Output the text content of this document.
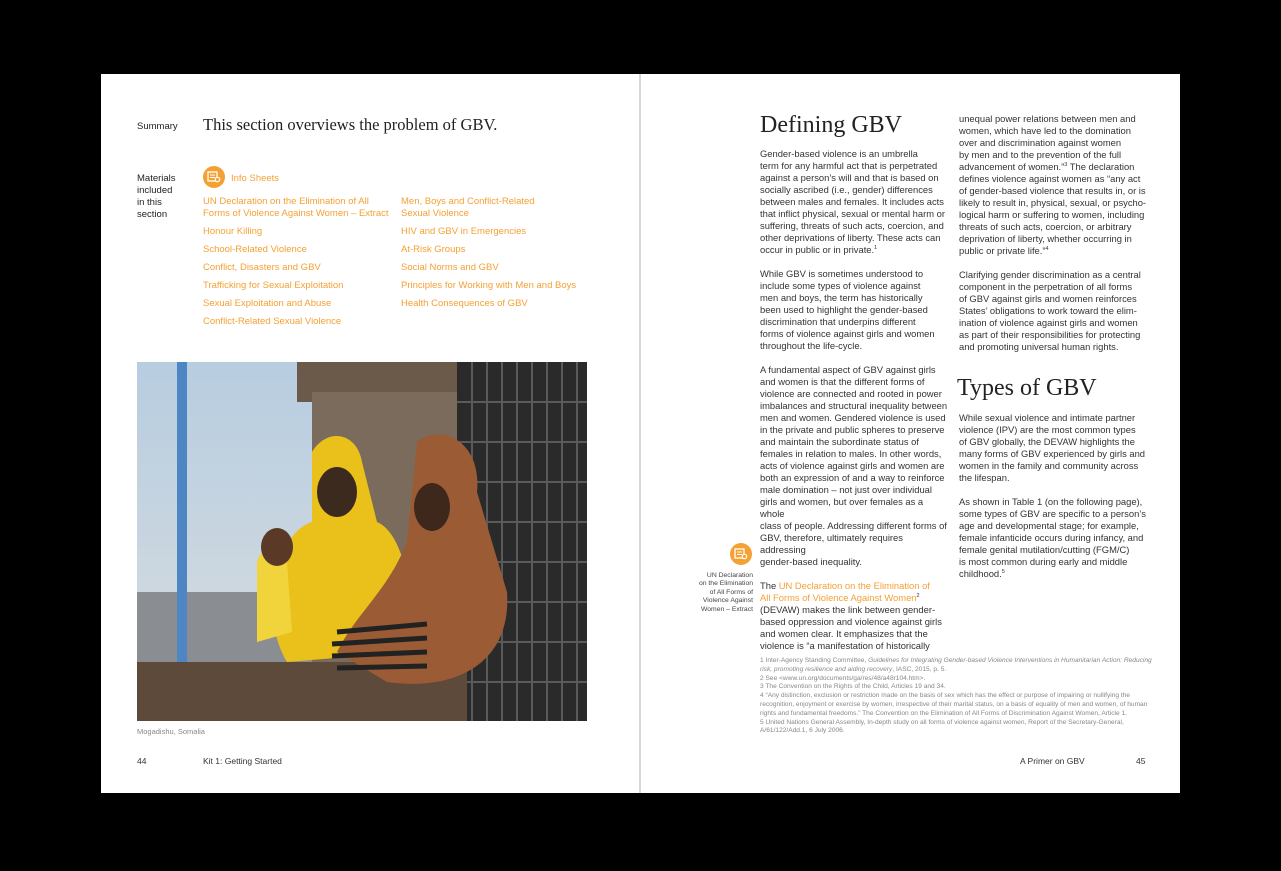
Summary This section overviews the problem of GBV.
Materials
included
in this
section
Info Sheets
UN Declaration on the Elimination of All
Forms of Violence Against Women – Extract
Honour Killing
School-Related Violence
Conflict, Disasters and GBV
Trafficking for Sexual Exploitation
Sexual Exploitation and Abuse
Conflict-Related Sexual Violence
Men, Boys and Conflict-Related
Sexual Violence
HIV and GBV in Emergencies
At-Risk Groups
Social Norms and GBV
Principles for Working with Men and Boys
Health Consequences of GBV
Mogadishu, Somalia
44	Kit 1: Getting Started
Defining GBV
Gender-based violence is an umbrella
term for any harmful act that is perpetrated
against a person’s will and that is based on
socially ascribed (i.e., gender) differences
between males and females. It includes acts
that inflict physical, sexual or mental harm or
suffering, threats of such acts, coercion, and
other deprivations of liberty. These acts can
occur in public or in private.$^1$
While GBV is sometimes understood to
include some types of violence against
men and boys, the term has historically
been used to highlight the gender-based
discrimination that underpins different
forms of violence against girls and women
throughout the life-cycle.
A fundamental aspect of GBV against girls
and women is that the different forms of
violence are connected and rooted in power
imbalances and structural inequality between
men and women. Gendered violence is used
in the private and public spheres to preserve
and maintain the subordinate status of
females in relation to males. In other words,
acts of violence against girls and women are
both an expression of and a way to reinforce
male domination – not just over individual
girls and women, but over females as a whole
class of people. Addressing different forms of
GBV, therefore, ultimately requires addressing
gender-based inequality.
The UN Declaration on the Elimination of
All Forms of Violence Against Women$^2$
(DEVAW) makes the link between gender-
based oppression and violence against girls
and women clear. It emphasizes that the
violence is “a manifestation of historically
UN Declaration
on the Elimination
of All Forms of
Violence Against
Women – Extract
unequal power relations between men and
women, which have led to the domination
over and discrimination against women
by men and to the prevention of the full
advancement of women.”$^3$ The declaration
defines violence against women as “any act
of gender-based violence that results in, or is
likely to result in, physical, sexual, or psycho-
logical harm or suffering to women, including
threats of such acts, coercion, or arbitrary
deprivation of liberty, whether occurring in
public or private life.”$^4$
Clarifying gender discrimination as a central
component in the perpetration of all forms
of GBV against girls and women reinforces
States’ obligations to work toward the elim-
ination of violence against girls and women
as part of their responsibilities for protecting
and promoting universal human rights.
Types of GBV
While sexual violence and intimate partner
violence (IPV) are the most common types
of GBV globally, the DEVAW highlights the
many forms of GBV experienced by girls and
women in the family and community across
the lifespan.
As shown in Table 1 (on the following page),
some types of GBV are specific to a person’s
age and developmental stage; for example,
female infanticide occurs during infancy, and
female genital mutilation/cutting (FGM/C)
is most common during early and middle
childhood.$^5$
1 Inter-Agency Standing Committee, Guidelines for Integrating Gender-based Violence Interventions in Humanitarian Action: Reducing risk, promoting resilience and aiding recovery, IASC, 2015, p. 5.
2 See <www.un.org/documents/ga/res/48/a48r104.htm>.
3 The Convention on the Rights of the Child, Articles 19 and 34.
4 “Any distinction, exclusion or restriction made on the basis of sex which has the effect or purpose of impairing or nullifying the recognition, enjoyment or exercise by women, irrespective of their marital status, on a basis of equality of men and women, of human rights and fundamental freedoms.” The Convention on the Elimination of All Forms of Discrimination Against Women, Article 1.
5 United Nations General Assembly, In-depth study on all forms of violence against women, Report of the Secretary-General, A/61/122/Add.1, 6 July 2006.
A Primer on GBV	45
